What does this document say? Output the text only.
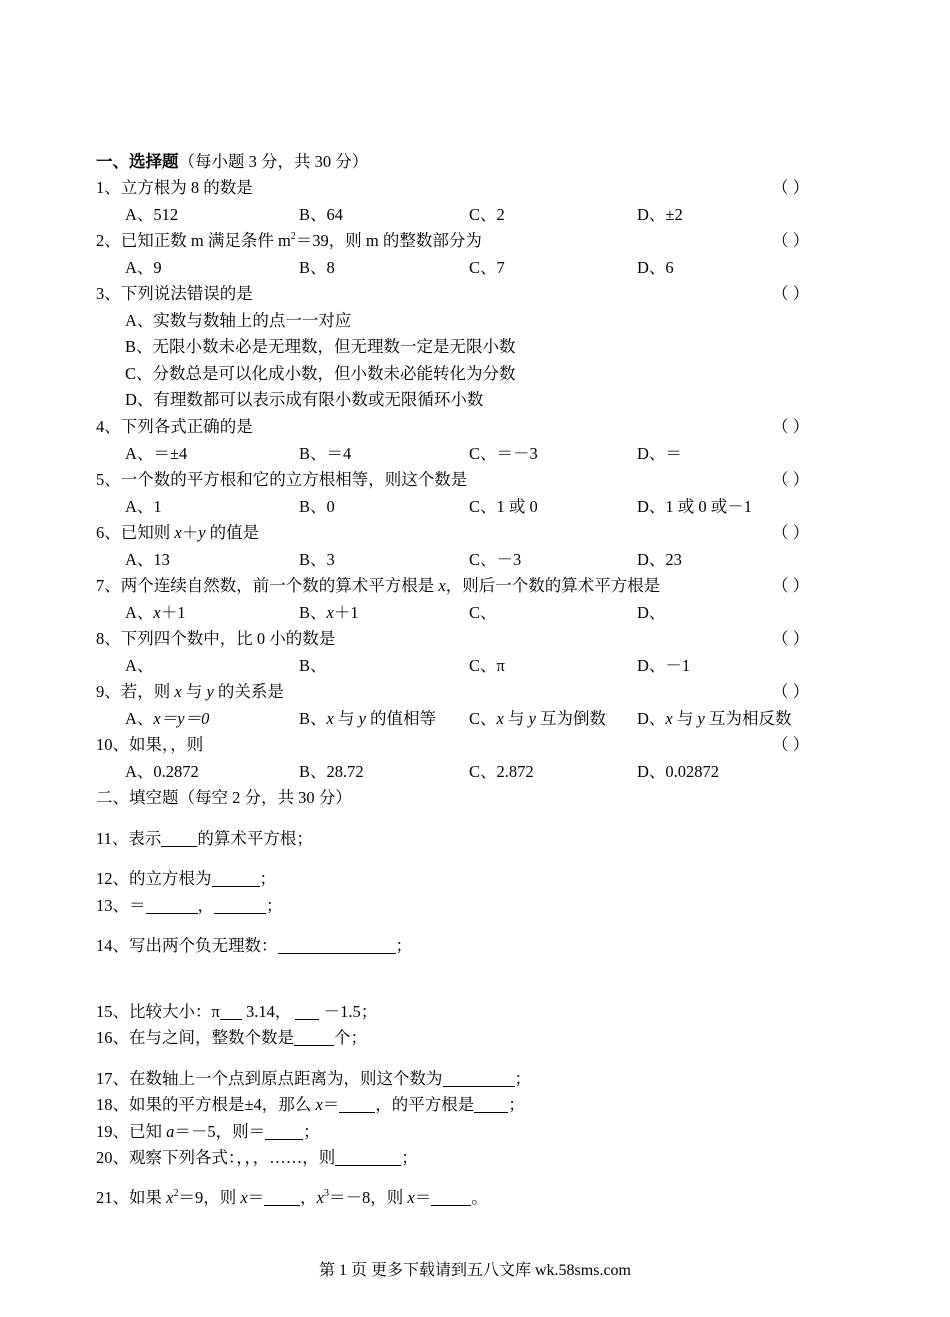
一、选择题（每小题 3 分，共 30 分）
1、立方根为 8 的数是	（ ）
A、512	B、64	C、2	D、±2
2、已知正数 m 满足条件 $m^2=39$，则 m 的整数部分为	（ ）
A、9	B、8	C、7	D、6
3、下列说法错误的是	（ ）
A、实数与数轴上的点一一对应
B、无限小数未必是无理数，但无理数一定是无限小数
C、分数总是可以化成小数，但小数未必能转化为分数
D、有理数都可以表示成有限小数或无限循环小数
4、下列各式正确的是	（ ）
A、＝±4	B、＝4	C、＝－3	D、＝
5、一个数的平方根和它的立方根相等，则这个数是	（ ）
A、1	B、0	C、1 或 0	D、1 或 0 或－1
6、已知则 x＋y 的值是	（ ）
A、13	B、3	C、－3	D、23
7、两个连续自然数，前一个数的算术平方根是 x，则后一个数的算术平方根是	（ ）
A、x＋1	B、x＋1	C、	D、
8、下列四个数中，比 0 小的数是	（ ）
A、	B、	C、π	D、－1
9、若，则 x 与 y 的关系是	（ ）
A、x＝y＝0	B、x 与 y 的值相等 C、x 与 y 互为倒数 D、x 与 y 互为相反数
10、如果，，则	（ ）
A、0.2872	B、28.72	C、2.872	D、0.02872
二、填空题（每空 2 分，共 30 分）
11、表示 的算术平方根；
12、的立方根为	；
13、＝	，	；
14、写出两个负无理数：	；
15、比较大小：π 3.14，  －1.5；
16、在与之间，整数个数是 个；
17、在数轴上一个点到原点距离为，则这个数为	；
18、如果的平方根是±4，那么 x＝ ，的平方根是 ；
19、已知 a＝－5，则＝ ；
20、观察下列各式：，，，……，则	；
21、如果 $x^2=9$，则 x＝ ，$x^3=-8$，则 x＝ 。
第 1 页 更多下载请到五八文库 wk.58sms.com
